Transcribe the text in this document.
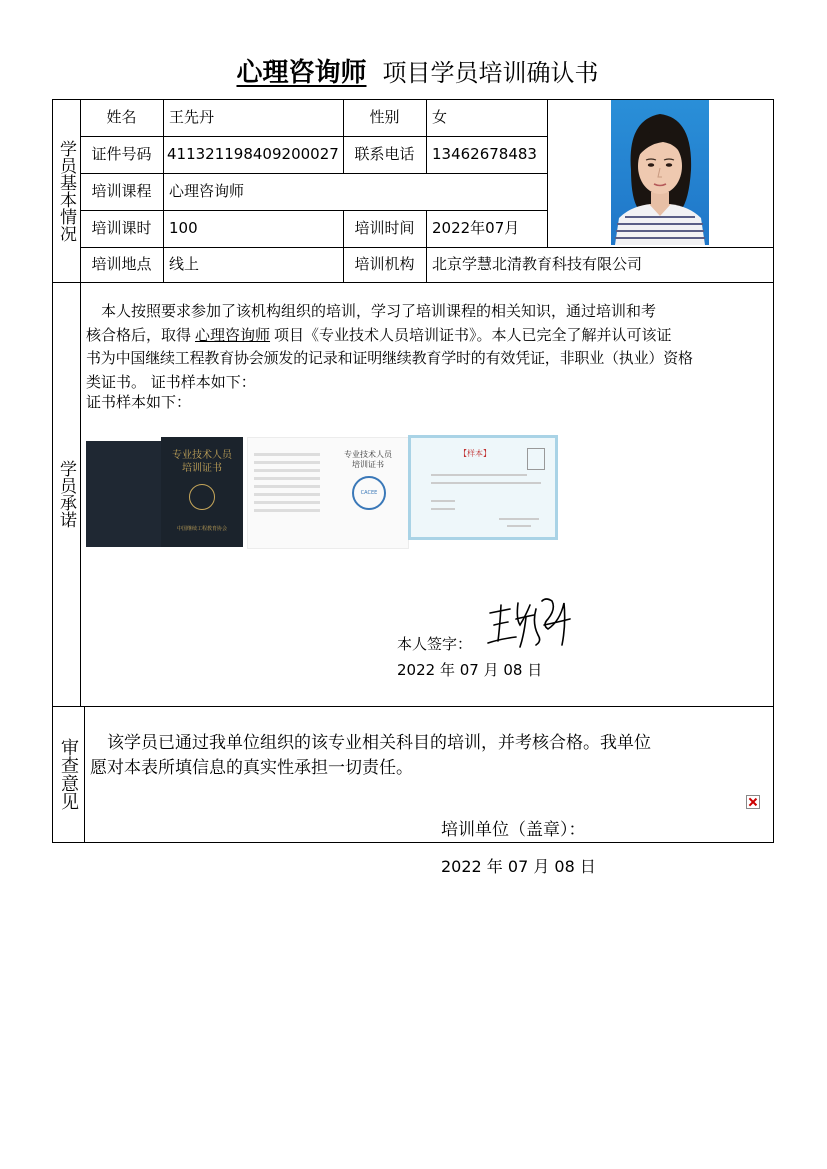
心理咨询师 项目学员培训确认书
学员基本情况
学员承诺
审查意见
姓名	王先丹	性别	女
证件号码	411321198409200027	联系电话	13462678483
培训课程	心理咨询师
培训课时	100	培训时间	2022年07月
培训地点	线上	培训机构	北京学慧北清教育科技有限公司
本人按照要求参加了该机构组织的培训，学习了培训课程的相关知识，通过培训和考
核合格后，取得 心理咨询师 项目《专业技术人员培训证书》。本人已完全了解并认可该证
书为中国继续工程教育协会颁发的记录和证明继续教育学时的有效凭证，非职业（执业）资格
类证书。 证书样本如下：
证书样本如下：
专业技术人员
培训证书
中国继续工程教育协会
专业技术人员
培训证书
CACEE
【样本】
本人签字：
2022 年 07 月 08 日
该学员已通过我单位组织的该专业相关科目的培训，并考核合格。我单位
愿对本表所填信息的真实性承担一切责任。
培训单位（盖章）：
2022 年 07 月 08 日
